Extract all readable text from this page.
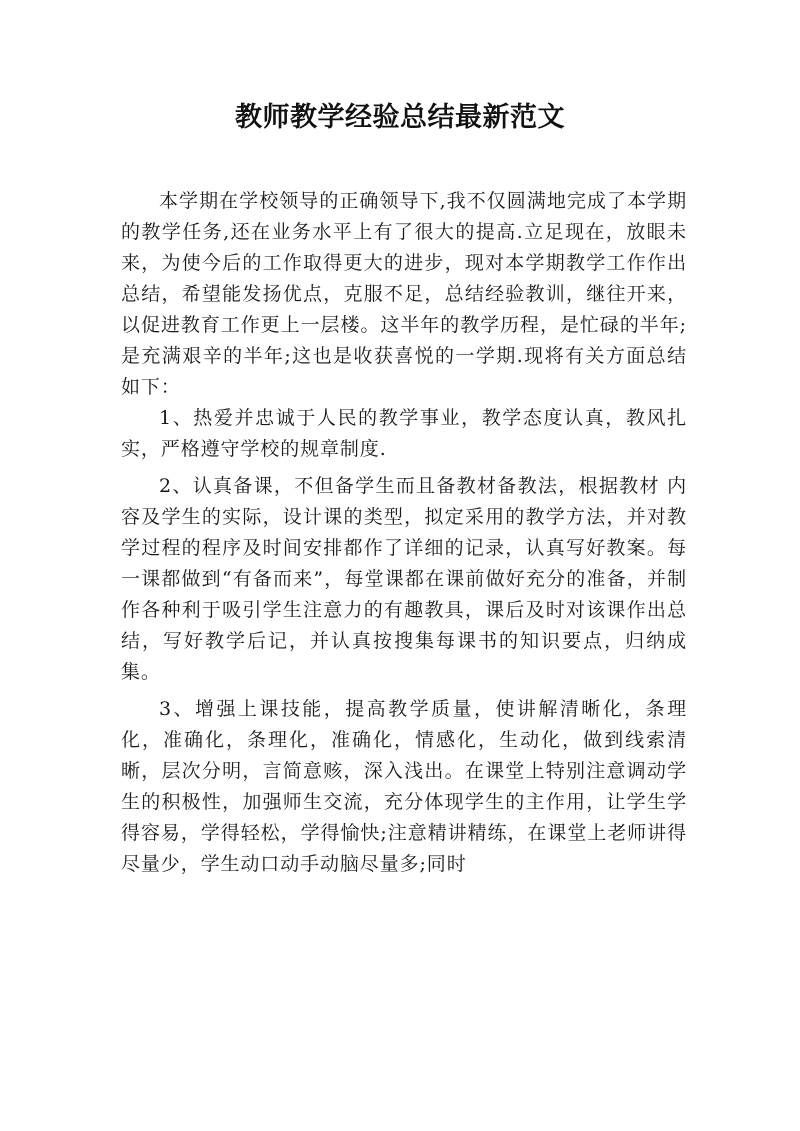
教师教学经验总结最新范文

本学期在学校领导的正确领导下,我不仅圆满地完成了本学期的教学任务,还在业务水平上有了很大的提高.立足现在，放眼未来，为使今后的工作取得更大的进步，现对本学期教学工作作出总结，希望能发扬优点，克服不足，总结经验教训，继往开来，以促进教育工作更上一层楼。这半年的教学历程，是忙碌的半年;是充满艰辛的半年;这也是收获喜悦的一学期.现将有关方面总结如下：

1、热爱并忠诚于人民的教学事业，教学态度认真，教风扎实，严格遵守学校的规章制度.

2、认真备课，不但备学生而且备教材备教法，根据教材 内容及学生的实际，设计课的类型，拟定采用的教学方法，并对教学过程的程序及时间安排都作了详细的记录，认真写好教案。每一课都做到“有备而来”，每堂课都在课前做好充分的准备，并制作各种利于吸引学生注意力的有趣教具，课后及时对该课作出总结，写好教学后记，并认真按搜集每课书的知识要点，归纳成集。

3、增强上课技能，提高教学质量，使讲解清晰化，条理化，准确化，条理化，准确化，情感化，生动化，做到线索清晰，层次分明，言简意赅，深入浅出。在课堂上特别注意调动学生的积极性，加强师生交流，充分体现学生的主作用，让学生学得容易，学得轻松，学得愉快;注意精讲精练，在课堂上老师讲得尽量少，学生动口动手动脑尽量多;同时
